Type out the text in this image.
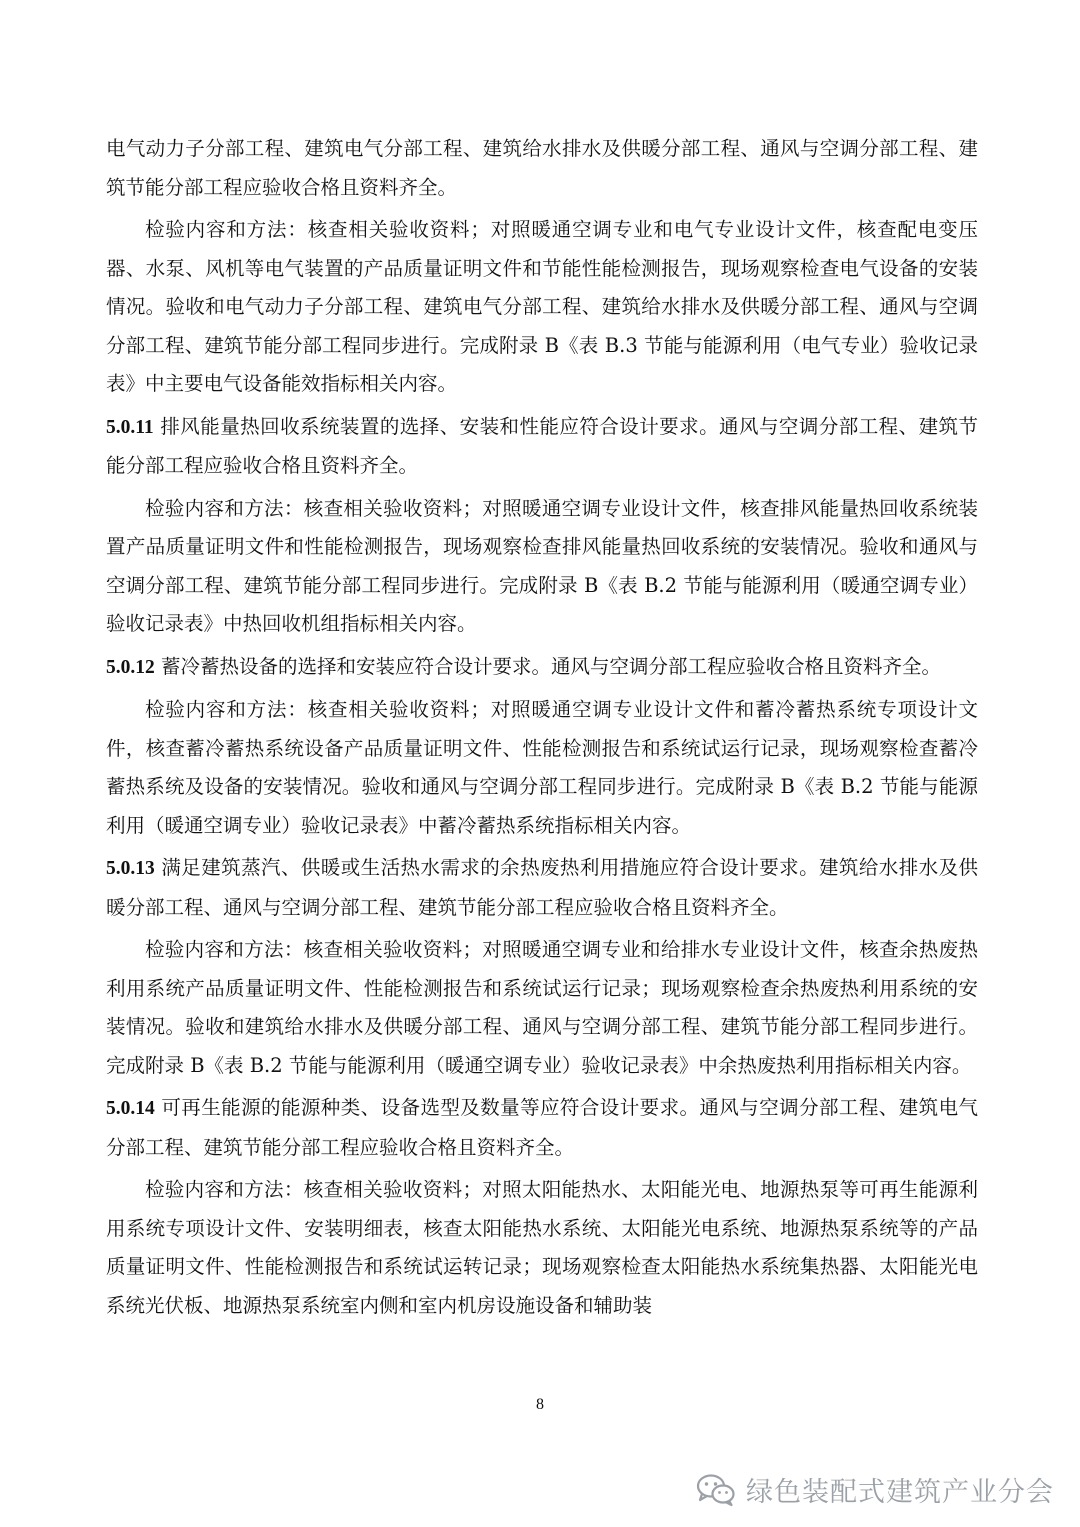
电气动力子分部工程、建筑电气分部工程、建筑给水排水及供暖分部工程、通风与空调分部工程、建筑节能分部工程应验收合格且资料齐全。

检验内容和方法：核查相关验收资料；对照暖通空调专业和电气专业设计文件，核查配电变压器、水泵、风机等电气装置的产品质量证明文件和节能性能检测报告，现场观察检查电气设备的安装情况。验收和电气动力子分部工程、建筑电气分部工程、建筑给水排水及供暖分部工程、通风与空调分部工程、建筑节能分部工程同步进行。完成附录 B《表 B.3 节能与能源利用（电气专业）验收记录表》中主要电气设备能效指标相关内容。

5.0.11 排风能量热回收系统装置的选择、安装和性能应符合设计要求。通风与空调分部工程、建筑节能分部工程应验收合格且资料齐全。

检验内容和方法：核查相关验收资料；对照暖通空调专业设计文件，核查排风能量热回收系统装置产品质量证明文件和性能检测报告，现场观察检查排风能量热回收系统的安装情况。验收和通风与空调分部工程、建筑节能分部工程同步进行。完成附录 B《表 B.2 节能与能源利用（暖通空调专业）验收记录表》中热回收机组指标相关内容。

5.0.12 蓄冷蓄热设备的选择和安装应符合设计要求。通风与空调分部工程应验收合格且资料齐全。

检验内容和方法：核查相关验收资料；对照暖通空调专业设计文件和蓄冷蓄热系统专项设计文件，核查蓄冷蓄热系统设备产品质量证明文件、性能检测报告和系统试运行记录，现场观察检查蓄冷蓄热系统及设备的安装情况。验收和通风与空调分部工程同步进行。完成附录 B《表 B.2 节能与能源利用（暖通空调专业）验收记录表》中蓄冷蓄热系统指标相关内容。

5.0.13 满足建筑蒸汽、供暖或生活热水需求的余热废热利用措施应符合设计要求。建筑给水排水及供暖分部工程、通风与空调分部工程、建筑节能分部工程应验收合格且资料齐全。

检验内容和方法：核查相关验收资料；对照暖通空调专业和给排水专业设计文件，核查余热废热利用系统产品质量证明文件、性能检测报告和系统试运行记录；现场观察检查余热废热利用系统的安装情况。验收和建筑给水排水及供暖分部工程、通风与空调分部工程、建筑节能分部工程同步进行。完成附录 B《表 B.2 节能与能源利用（暖通空调专业）验收记录表》中余热废热利用指标相关内容。

5.0.14 可再生能源的能源种类、设备选型及数量等应符合设计要求。通风与空调分部工程、建筑电气分部工程、建筑节能分部工程应验收合格且资料齐全。

检验内容和方法：核查相关验收资料；对照太阳能热水、太阳能光电、地源热泵等可再生能源利用系统专项设计文件、安装明细表，核查太阳能热水系统、太阳能光电系统、地源热泵系统等的产品质量证明文件、性能检测报告和系统试运转记录；现场观察检查太阳能热水系统集热器、太阳能光电系统光伏板、地源热泵系统室内侧和室内机房设施设备和辅助装

8
绿色装配式建筑产业分会
